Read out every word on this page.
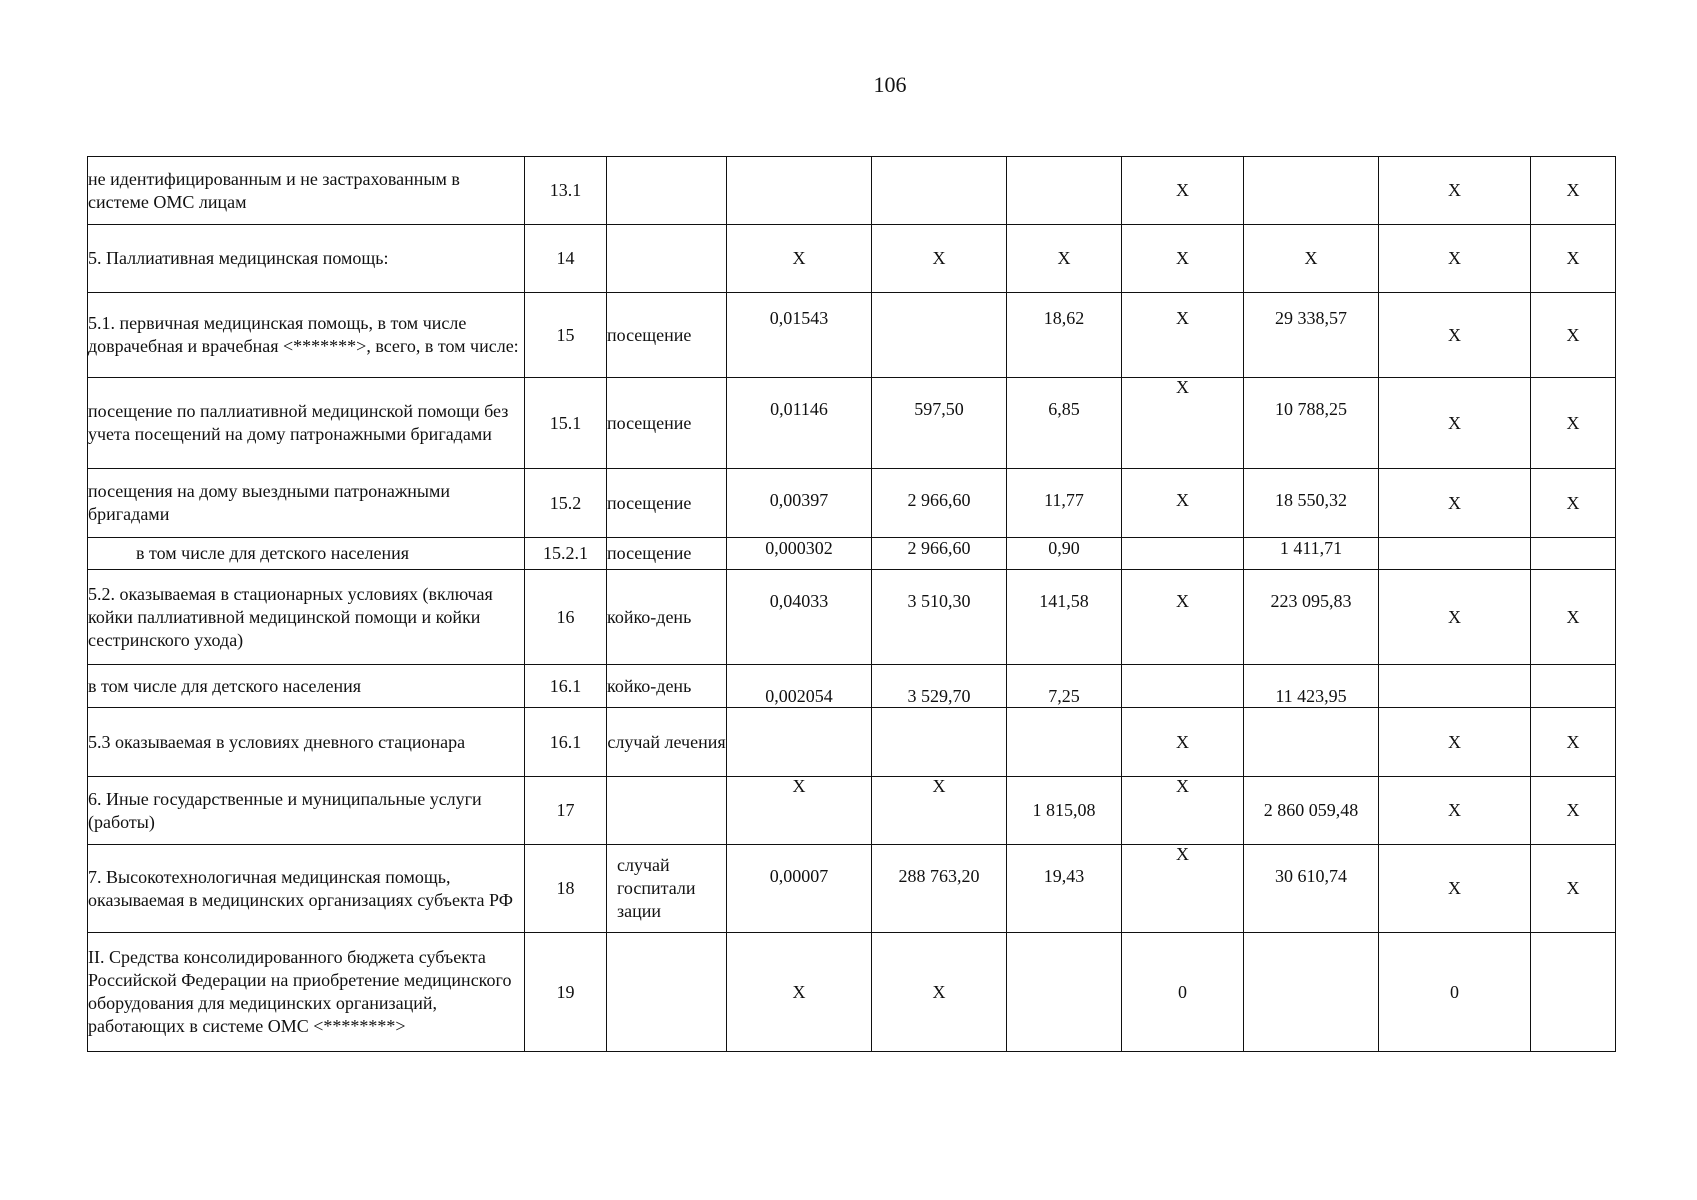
106
не идентифицированным и не застрахованным в системе ОМС лицам	13.1					X		X	X
5. Паллиативная медицинская помощь:	14		X	X	X	X	X	X	X
5.1. первичная медицинская помощь, в том числе доврачебная и врачебная <*******>, всего, в том числе:	15	посещение	0,01543		18,62	X	29 338,57	X	X
посещение по паллиативной медицинской помощи без учета посещений на дому патронажными бригадами	15.1	посещение	0,01146	597,50	6,85	X	10 788,25	X	X
посещения на дому выездными патронажными бригадами	15.2	посещение	0,00397	2 966,60	11,77	X	18 550,32	X	X
в том числе для детского населения	15.2.1	посещение	0,000302	2 966,60	0,90		1 411,71		
5.2. оказываемая в стационарных условиях (включая койки паллиативной медицинской помощи и койки сестринского ухода)	16	койко-день	0,04033	3 510,30	141,58	X	223 095,83	X	X
в том числе для детского населения	16.1	койко-день	0,002054	3 529,70	7,25		11 423,95		
5.3 оказываемая в условиях дневного стационара	16.1	случай лечения				X		X	X
6. Иные государственные и муниципальные услуги (работы)	17		X	X	1 815,08	X	2 860 059,48	X	X
7. Высокотехнологичная медицинская помощь, оказываемая в медицинских организациях субъекта РФ	18	случай госпитали зации	0,00007	288 763,20	19,43	X	30 610,74	X	X
II. Средства консолидированного бюджета субъекта Российской Федерации на приобретение медицинского оборудования для медицинских организаций, работающих в системе ОМС <********>	19		X	X		0		0	
